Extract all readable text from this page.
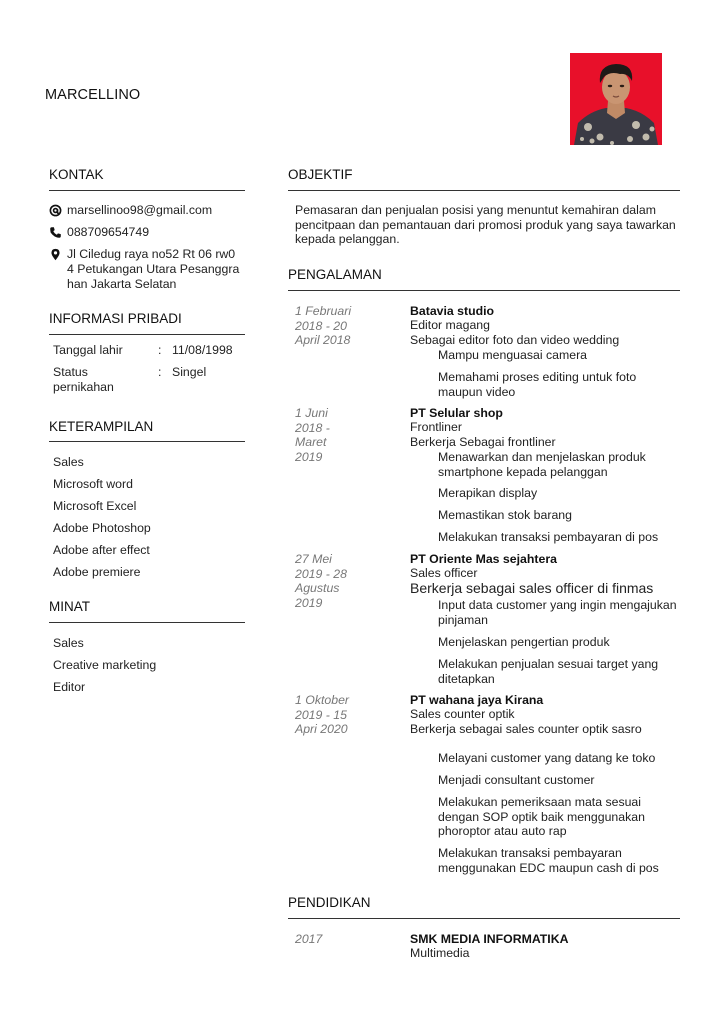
MARCELLINO
KONTAK
marsellinoo98@gmail.com
088709654749
Jl Ciledug raya no52 Rt 06 rw0
4 Petukangan Utara Pesanggra
han Jakarta Selatan
INFORMASI PRIBADI
Tanggal lahir	: 11/08/1998
Status
pernikahan
: Singel
KETERAMPILAN
Sales
Microsoft word
Microsoft Excel
Adobe Photoshop
Adobe after effect
Adobe premiere
MINAT
Sales
Creative marketing
Editor
OBJEKTIF
Pemasaran dan penjualan posisi yang menuntut kemahiran dalam pencitpaan dan pemantauan dari promosi produk yang saya tawarkan kepada pelanggan.
PENGALAMAN
1 Februari
2018 - 20
April 2018
Batavia studio
Editor magang
Sebagai editor foto dan video wedding
Mampu menguasai camera
Memahami proses editing untuk foto maupun video
1 Juni
2018 -
Maret
2019
PT Selular shop
Frontliner
Berkerja Sebagai frontliner
Menawarkan dan menjelaskan produk smartphone kepada pelanggan
Merapikan display
Memastikan stok barang
Melakukan transaksi pembayaran di pos
27 Mei
2019 - 28
Agustus
2019
PT Oriente Mas sejahtera
Sales officer
Berkerja sebagai sales officer di finmas
Input data customer yang ingin mengajukan pinjaman
Menjelaskan pengertian produk
Melakukan penjualan sesuai target yang ditetapkan
1 Oktober
2019 - 15
Apri 2020
PT wahana jaya Kirana
Sales counter optik
Berkerja sebagai sales counter optik sasro
Melayani customer yang datang ke toko
Menjadi consultant customer
Melakukan pemeriksaan mata sesuai dengan SOP optik baik menggunakan phoroptor atau auto rap
Melakukan transaksi pembayaran menggunakan EDC maupun cash di pos
PENDIDIKAN
2017	SMK MEDIA INFORMATIKA
Multimedia
